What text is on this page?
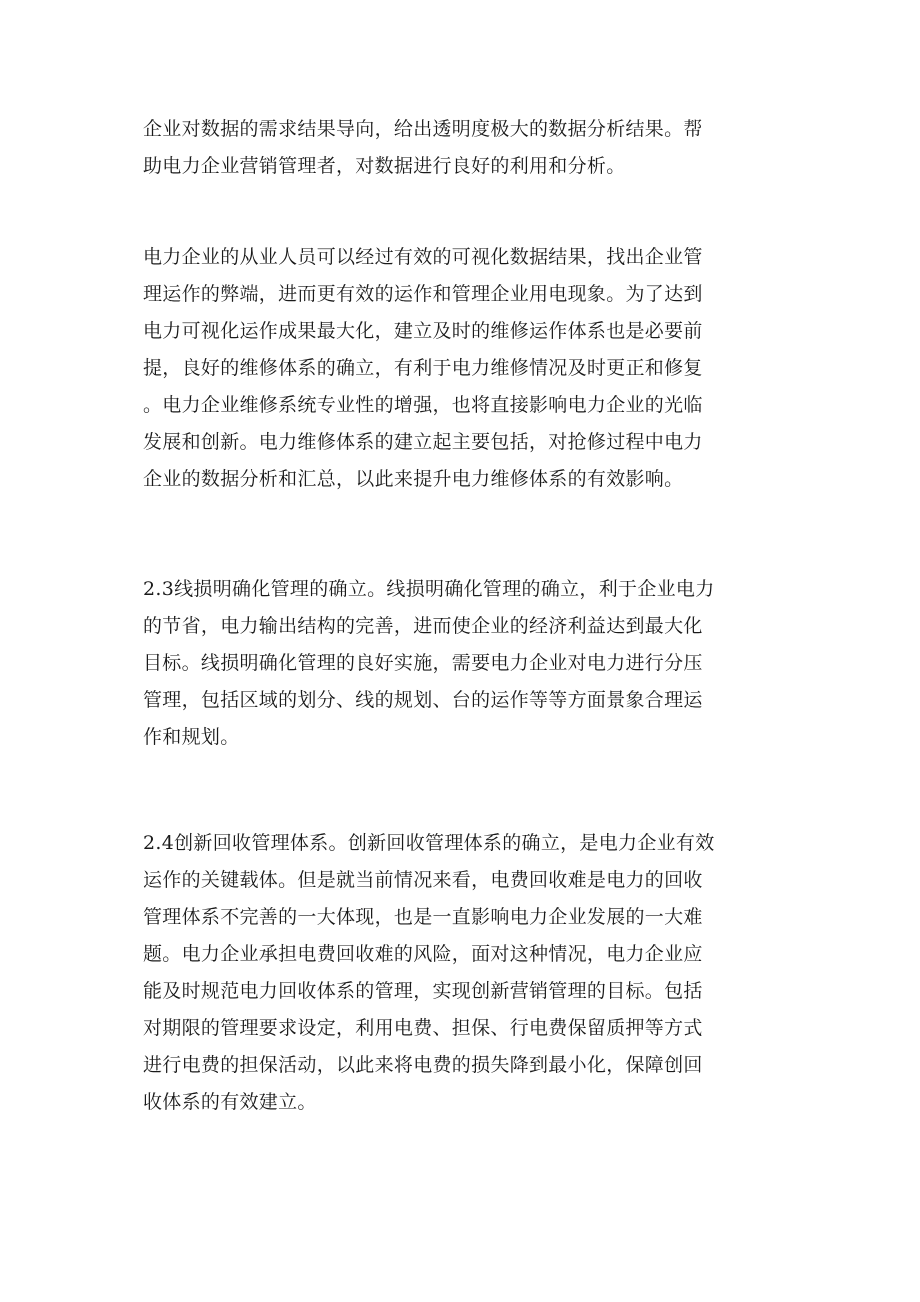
企业对数据的需求结果导向，给出透明度极大的数据分析结果。帮
助电力企业营销管理者，对数据进行良好的利用和分析。
电力企业的从业人员可以经过有效的可视化数据结果，找出企业管
理运作的弊端，进而更有效的运作和管理企业用电现象。为了达到
电力可视化运作成果最大化，建立及时的维修运作体系也是必要前
提，良好的维修体系的确立，有利于电力维修情况及时更正和修复
。电力企业维修系统专业性的增强，也将直接影响电力企业的光临
发展和创新。电力维修体系的建立起主要包括，对抢修过程中电力
企业的数据分析和汇总，以此来提升电力维修体系的有效影响。
2.3线损明确化管理的确立。线损明确化管理的确立，利于企业电力
的节省，电力输出结构的完善，进而使企业的经济利益达到最大化
目标。线损明确化管理的良好实施，需要电力企业对电力进行分压
管理，包括区域的划分、线的规划、台的运作等等方面景象合理运
作和规划。
2.4创新回收管理体系。创新回收管理体系的确立，是电力企业有效
运作的关键载体。但是就当前情况来看，电费回收难是电力的回收
管理体系不完善的一大体现，也是一直影响电力企业发展的一大难
题。电力企业承担电费回收难的风险，面对这种情况，电力企业应
能及时规范电力回收体系的管理，实现创新营销管理的目标。包括
对期限的管理要求设定，利用电费、担保、行电费保留质押等方式
进行电费的担保活动，以此来将电费的损失降到最小化，保障创回
收体系的有效建立。
